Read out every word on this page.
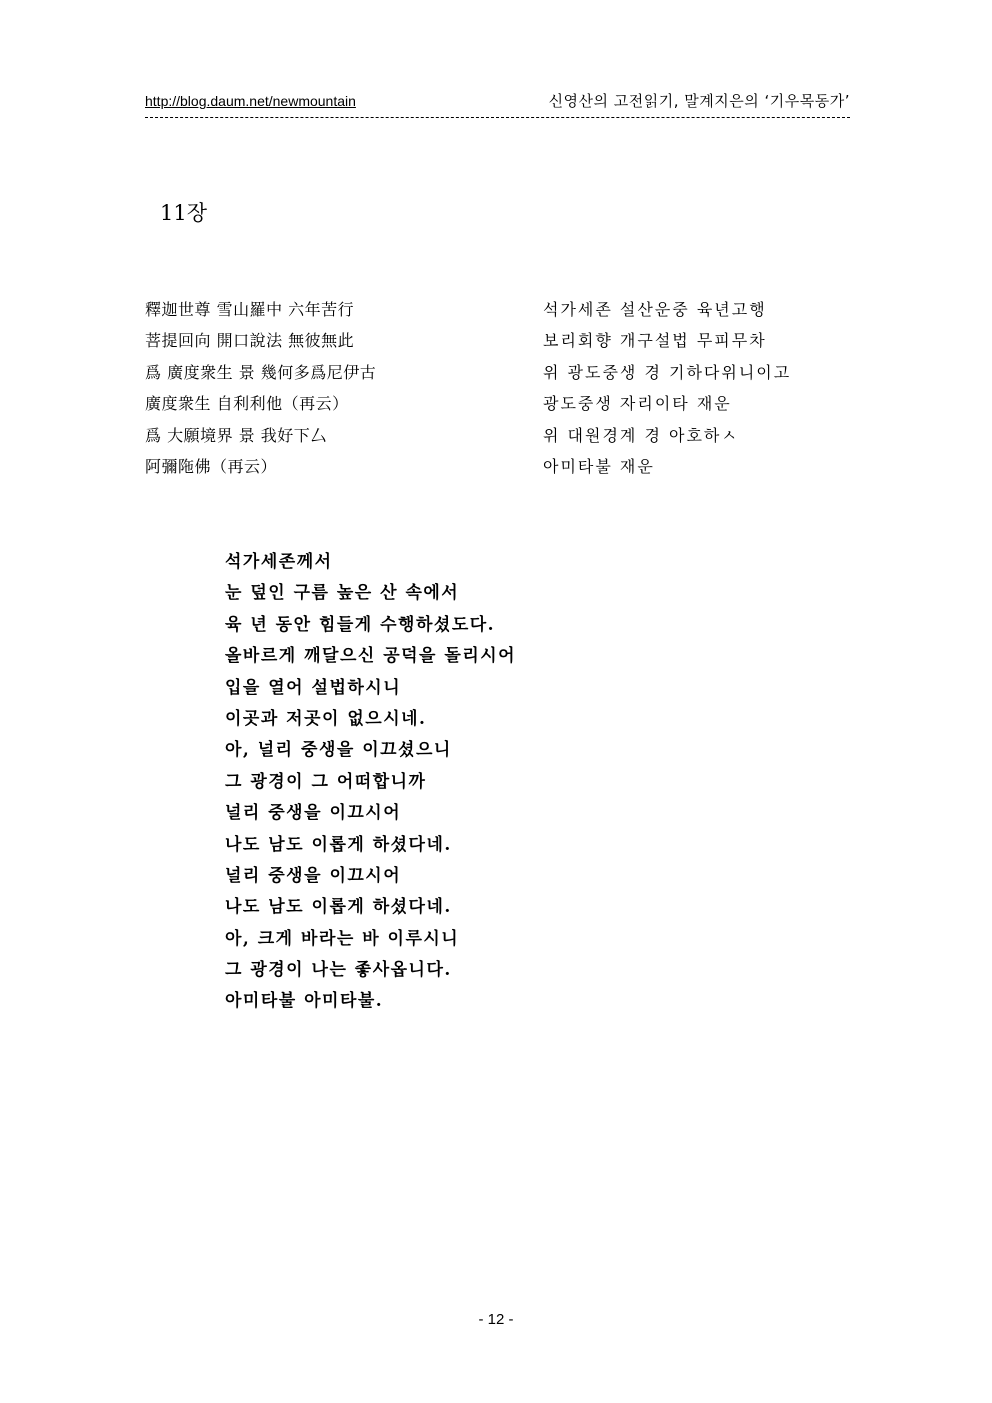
http://blog.daum.net/newmountain	신영산의 고전읽기, 말계지은의 ‘기우목동가’
11장
釋迦世尊 雪山羅中 六年苦行	석가세존 설산운중 육년고행
菩提回向 開口說法 無彼無此	보리회향 개구설법 무피무차
爲 廣度衆生 景 幾何多爲尼伊古	위 광도중생 경 기하다위니이고
廣度衆生 自利利他（再云）	광도중생 자리이타 재운
爲 大願境界 景 我好下厶	위 대원경계 경 아호하ㅅ
阿彌陁佛（再云）	아미타불 재운
석가세존께서
눈 덮인 구름 높은 산 속에서
육 년 동안 힘들게 수행하셨도다.
올바르게 깨달으신 공덕을 돌리시어
입을 열어 설법하시니
이곳과 저곳이 없으시네.
아, 널리 중생을 이끄셨으니
그 광경이 그 어떠합니까
널리 중생을 이끄시어
나도 남도 이롭게 하셨다네.
널리 중생을 이끄시어
나도 남도 이롭게 하셨다네.
아, 크게 바라는 바 이루시니
그 광경이 나는 좋사옵니다.
아미타불 아미타불.
- 12 -
